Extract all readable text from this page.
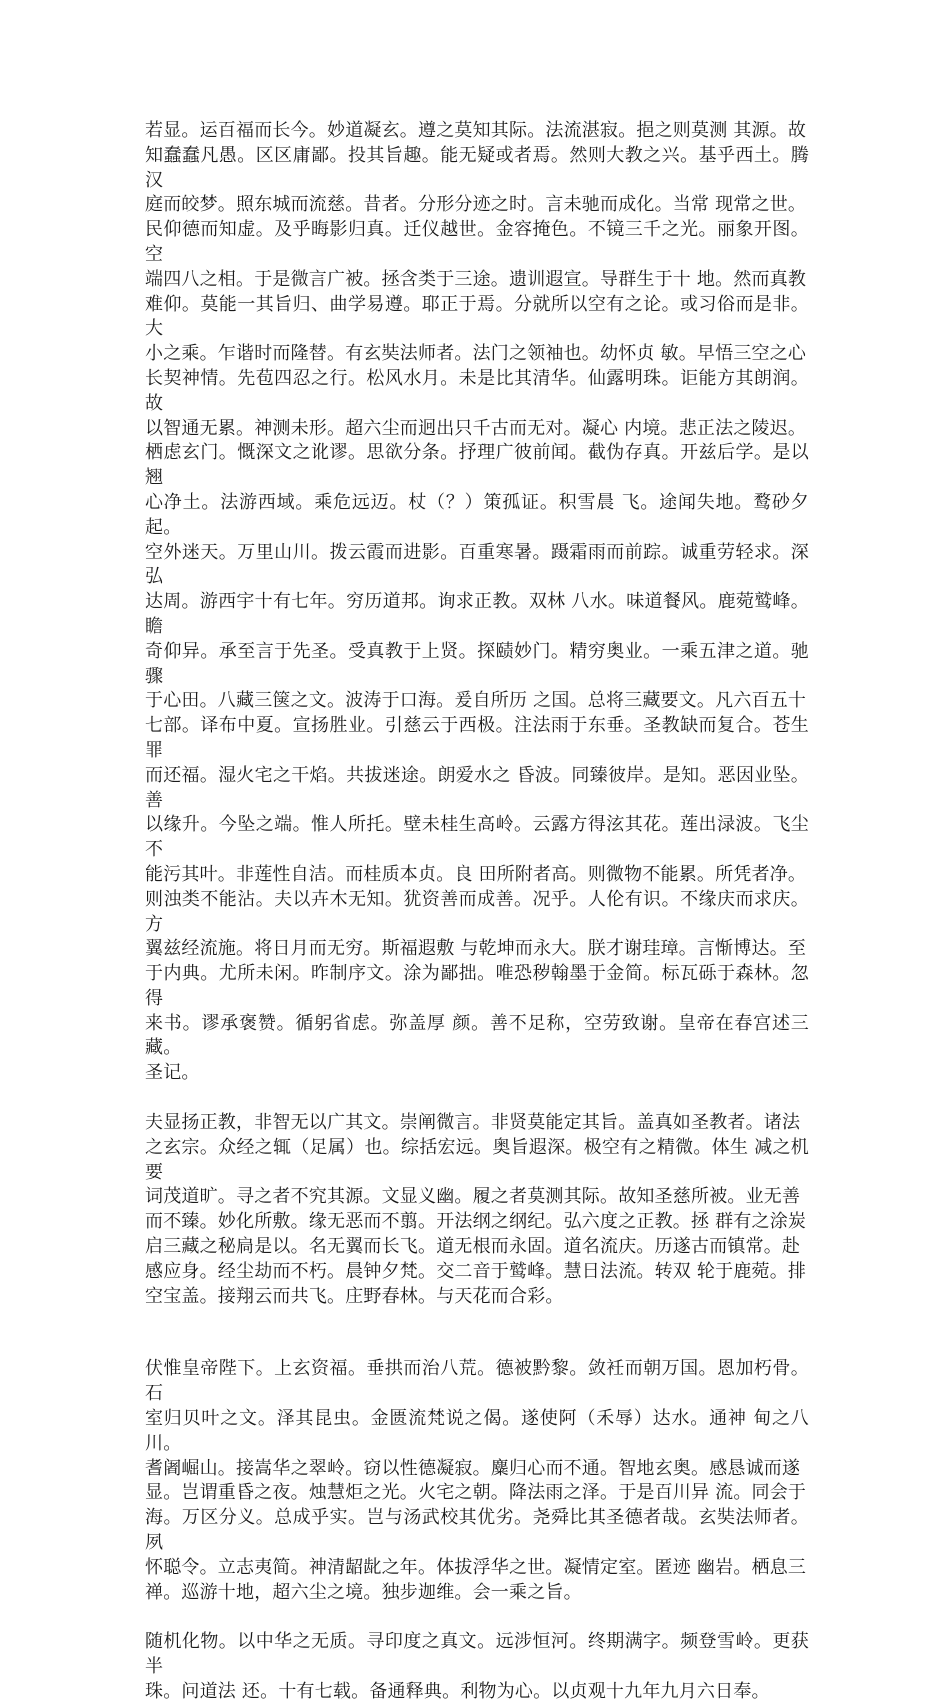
若显。运百福而长今。妙道凝玄。遵之莫知其际。法流湛寂。挹之则莫测 其源。故
知蠢蠢凡愚。区区庸鄙。投其旨趣。能无疑或者焉。然则大教之兴。基乎西土。腾汉
庭而皎梦。照东城而流慈。昔者。分形分迹之时。言未驰而成化。当常 现常之世。
民仰德而知虚。及乎晦影归真。迁仪越世。金容掩色。不镜三千之光。丽象开图。空
端四八之相。于是微言广被。拯含类于三途。遗训遐宣。导群生于十 地。然而真教
难仰。莫能一其旨归、曲学易遵。耶正于焉。分就所以空有之论。或习俗而是非。大
小之乘。乍谐时而隆替。有玄奘法师者。法门之领袖也。幼怀贞 敏。早悟三空之心
长契神情。先苞四忍之行。松风水月。未是比其清华。仙露明珠。讵能方其朗润。故
以智通无累。神测未形。超六尘而迥出只千古而无对。凝心 内境。悲正法之陵迟。
栖虑玄门。慨深文之讹谬。思欲分条。抒理广彼前闻。截伪存真。开兹后学。是以翘
心净土。法游西域。乘危远迈。杖（？）策孤证。积雪晨 飞。途闻失地。鹜砂夕起。
空外迷天。万里山川。拨云霞而进影。百重寒暑。蹑霜雨而前踪。诚重劳轻求。深弘
达周。游西宇十有七年。穷历道邦。询求正教。双林 八水。味道餐风。鹿菀鹫峰。瞻
奇仰异。承至言于先圣。受真教于上贤。探赜妙门。精穷奥业。一乘五津之道。驰骤
于心田。八藏三箧之文。波涛于口海。爰自所历 之国。总将三藏要文。凡六百五十
七部。译布中夏。宣扬胜业。引慈云于西极。注法雨于东垂。圣教缺而复合。苍生罪
而还福。湿火宅之干焰。共拔迷途。朗爱水之 昏波。同臻彼岸。是知。恶因业坠。善
以缘升。今坠之端。惟人所托。壁未桂生高岭。云露方得泫其花。莲出渌波。飞尘不
能污其叶。非莲性自洁。而桂质本贞。良 田所附者高。则微物不能累。所凭者净。
则浊类不能沾。夫以卉木无知。犹资善而成善。况乎。人伦有识。不缘庆而求庆。方
翼兹经流施。将日月而无穷。斯福遐敷 与乾坤而永大。朕才谢珪璋。言惭博达。至
于内典。尤所未闲。昨制序文。涂为鄙拙。唯恐秽翰墨于金简。标瓦砾于森林。忽得
来书。谬承褒赞。循躬省虑。弥盖厚 颜。善不足称，空劳致谢。皇帝在春宫述三藏。
圣记。

夫显扬正教，非智无以广其文。崇阐微言。非贤莫能定其旨。盖真如圣教者。诸法
之玄宗。众经之辄（足属）也。综括宏远。奥旨遐深。极空有之精微。体生 减之机要
词茂道旷。寻之者不究其源。文显义幽。履之者莫测其际。故知圣慈所被。业无善
而不臻。妙化所敷。缘无恶而不翦。开法纲之纲纪。弘六度之正教。拯 群有之涂炭
启三藏之秘扃是以。名无翼而长飞。道无根而永固。道名流庆。历遂古而镇常。赴
感应身。经尘劫而不朽。晨钟夕梵。交二音于鹫峰。慧日法流。转双 轮于鹿菀。排
空宝盖。接翔云而共飞。庄野春林。与天花而合彩。

伏惟皇帝陛下。上玄资福。垂拱而治八荒。德被黔黎。敛衽而朝万国。恩加朽骨。石
室归贝叶之文。泽其昆虫。金匮流梵说之偈。遂使阿（禾辱）达水。通神 甸之八川。
耆阇崛山。接嵩华之翠岭。窃以性德凝寂。麋归心而不通。智地玄奥。感恳诚而遂
显。岂谓重昏之夜。烛慧炬之光。火宅之朝。降法雨之泽。于是百川异 流。同会于
海。万区分义。总成乎实。岂与汤武校其优劣。尧舜比其圣德者哉。玄奘法师者。夙
怀聪令。立志夷简。神清龆龀之年。体拔浮华之世。凝情定室。匿迹 幽岩。栖息三
禅。巡游十地，超六尘之境。独步迦维。会一乘之旨。

随机化物。以中华之无质。寻印度之真文。远涉恒河。终期满字。频登雪岭。更获半
珠。问道法 还。十有七载。备通释典。利物为心。以贞观十九年九月六日奉。
